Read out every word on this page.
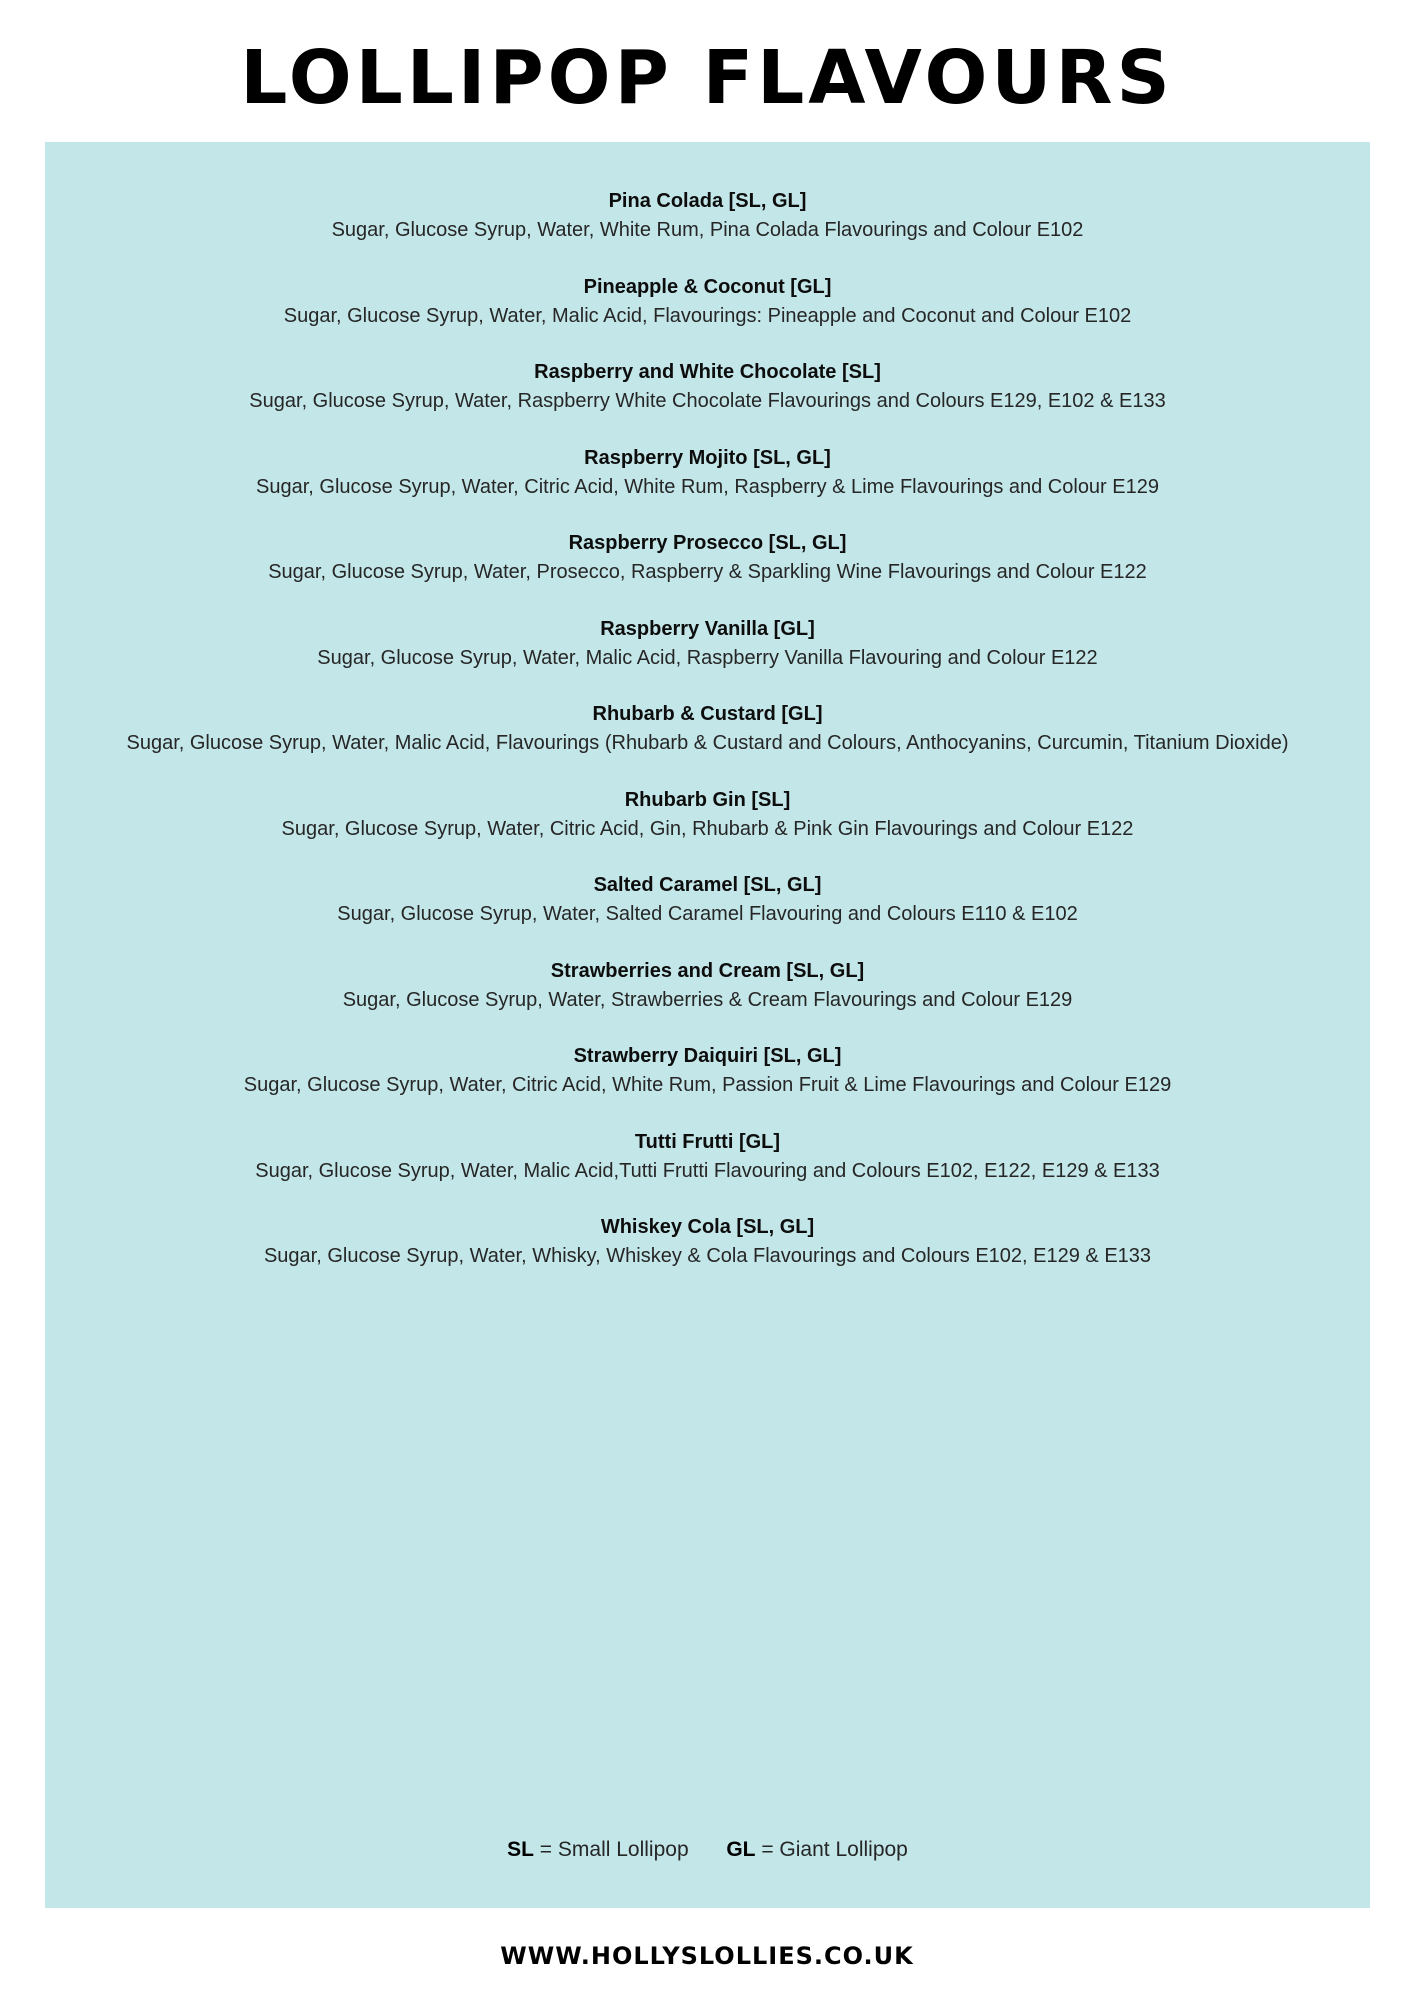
LOLLIPOP FLAVOURS
Pina Colada [SL, GL]
Sugar, Glucose Syrup, Water, White Rum, Pina Colada Flavourings and Colour E102
Pineapple & Coconut [GL]
Sugar, Glucose Syrup, Water, Malic Acid, Flavourings: Pineapple and Coconut and Colour E102
Raspberry and White Chocolate [SL]
Sugar, Glucose Syrup, Water, Raspberry White Chocolate Flavourings and Colours E129, E102 & E133
Raspberry Mojito [SL, GL]
Sugar, Glucose Syrup, Water, Citric Acid, White Rum, Raspberry & Lime Flavourings and Colour E129
Raspberry Prosecco [SL, GL]
Sugar, Glucose Syrup, Water, Prosecco, Raspberry & Sparkling Wine Flavourings and Colour E122
Raspberry Vanilla [GL]
Sugar, Glucose Syrup, Water, Malic Acid, Raspberry Vanilla Flavouring and Colour E122
Rhubarb & Custard [GL]
Sugar, Glucose Syrup, Water, Malic Acid, Flavourings (Rhubarb & Custard and Colours, Anthocyanins, Curcumin, Titanium Dioxide)
Rhubarb Gin [SL]
Sugar, Glucose Syrup, Water, Citric Acid, Gin, Rhubarb & Pink Gin Flavourings and Colour E122
Salted Caramel [SL, GL]
Sugar, Glucose Syrup, Water, Salted Caramel Flavouring and Colours E110 & E102
Strawberries and Cream [SL, GL]
Sugar, Glucose Syrup, Water, Strawberries & Cream Flavourings and Colour E129
Strawberry Daiquiri [SL, GL]
Sugar, Glucose Syrup, Water, Citric Acid, White Rum, Passion Fruit & Lime Flavourings and Colour E129
Tutti Frutti [GL]
Sugar, Glucose Syrup, Water, Malic Acid,Tutti Frutti Flavouring and Colours E102, E122, E129 & E133
Whiskey Cola [SL, GL]
Sugar, Glucose Syrup, Water, Whisky, Whiskey & Cola Flavourings and Colours E102, E129 & E133
SL = Small Lollipop GL = Giant Lollipop
WWW.HOLLYSLOLLIES.CO.UK
